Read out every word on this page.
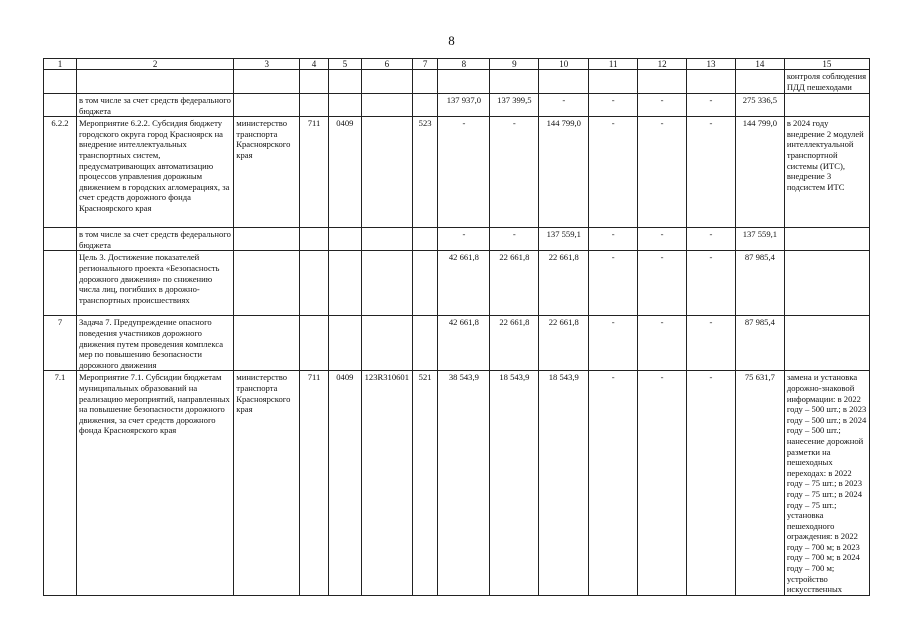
8
1	2	3	4	5	6	7	8	9	10	11	12	13	14	15
														контроля соблюдения ПДД пешеходами
	в том числе за счет средств федерального бюджета						137 937,0	137 399,5	-	-	-	-	275 336,5	
6.2.2	Мероприятие 6.2.2. Субсидия бюджету городского округа город Красноярск на внедрение интеллектуальных транспортных систем, предусматривающих автоматизацию процессов управления дорожным движением в городских агломерациях, за счет средств дорожного фонда Красноярского края	министерство транспорта Красноярского края	711	0409		523	-	-	144 799,0	-	-	-	144 799,0	в 2024 году внедрение 2 модулей интеллектуальной транспортной системы (ИТС), внедрение 3 подсистем ИТС
	в том числе за счет средств федерального бюджета						-	-	137 559,1	-	-	-	137 559,1	
	Цель 3. Достижение показателей регионального проекта «Безопасность дорожного движения» по снижению числа лиц, погибших в дорожно-транспортных происшествиях						42 661,8	22 661,8	22 661,8	-	-	-	87 985,4	
7	Задача 7. Предупреждение опасного поведения участников дорожного движения путем проведения комплекса мер по повышению безопасности дорожного движения						42 661,8	22 661,8	22 661,8	-	-	-	87 985,4	
7.1	Мероприятие 7.1. Субсидии бюджетам муниципальных образований на реализацию мероприятий, направленных на повышение безопасности дорожного движения, за счет средств дорожного фонда Красноярского края	министерство транспорта Красноярского края	711	0409	123R310601	521	38 543,9	18 543,9	18 543,9	-	-	-	75 631,7	замена и установка дорожно-знаковой информации: в 2022 году – 500 шт.; в 2023 году – 500 шт.; в 2024 году – 500 шт.; нанесение дорожной разметки на пешеходных переходах: в 2022 году – 75 шт.; в 2023 году – 75 шт.; в 2024 году – 75 шт.; установка пешеходного ограждения: в 2022 году – 700 м; в 2023 году – 700 м; в 2024 году – 700 м; устройство искусственных
